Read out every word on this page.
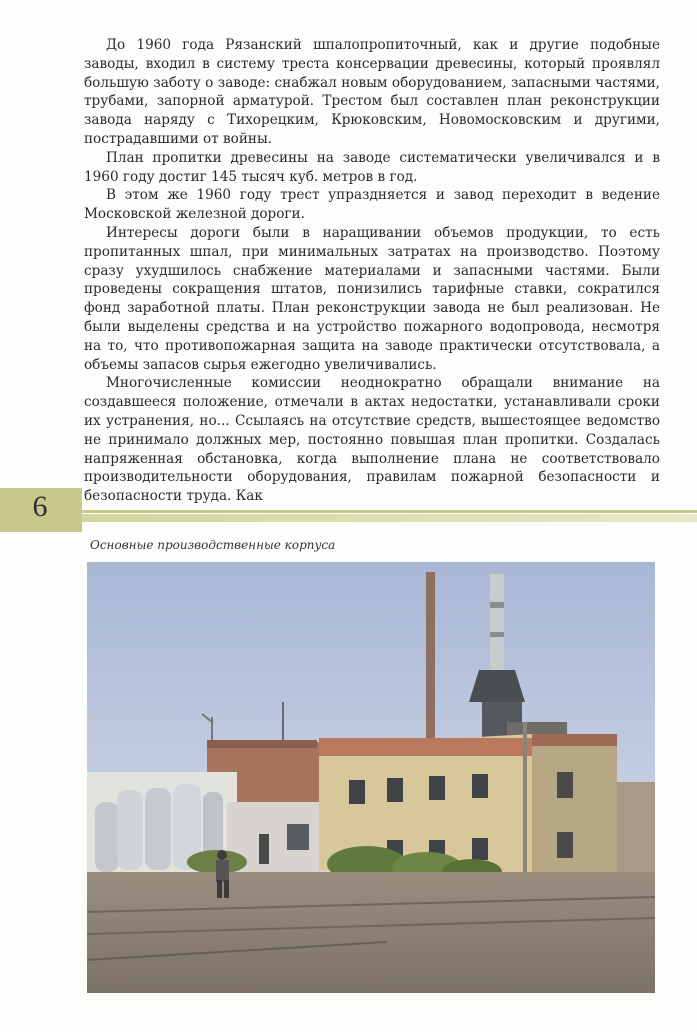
До 1960 года Рязанский шпалопропиточный, как и другие подобные заводы, входил в систему треста консервации древесины, который проявлял большую заботу о заводе: снабжал новым оборудованием, запасными частями, трубами, запорной арматурой. Трестом был составлен план реконструкции завода наряду с Тихорецким, Крюковским, Новомосковским и другими, пострадавшими от войны.

План пропитки древесины на заводе систематически увеличивался и в 1960 году достиг 145 тысяч куб. метров в год.

В этом же 1960 году трест упраздняется и завод переходит в ведение Московской железной дороги.

Интересы дороги были в наращивании объемов продукции, то есть пропитанных шпал, при минимальных затратах на производство. Поэтому сразу ухудшилось снабжение материалами и запасными частями. Были проведены сокращения штатов, понизились тарифные ставки, сократился фонд заработной платы. План реконструкции завода не был реализован. Не были выделены средства и на устройство пожарного водопровода, несмотря на то, что противопожарная защита на заводе практически отсутствовала, а объемы запасов сырья ежегодно увеличивались.

Многочисленные комиссии неоднократно обращали внимание на создавшееся положение, отмечали в актах недостатки, устанавливали сроки их устранения, но... Ссылаясь на отсутствие средств, вышестоящее ведомство не принимало должных мер, постоянно повышая план пропитки. Создалась напряженная обстановка, когда выполнение плана не соответствовало производительности оборудования, правилам пожарной безопасности и безопасности труда. Как

6
Основные производственные корпуса
